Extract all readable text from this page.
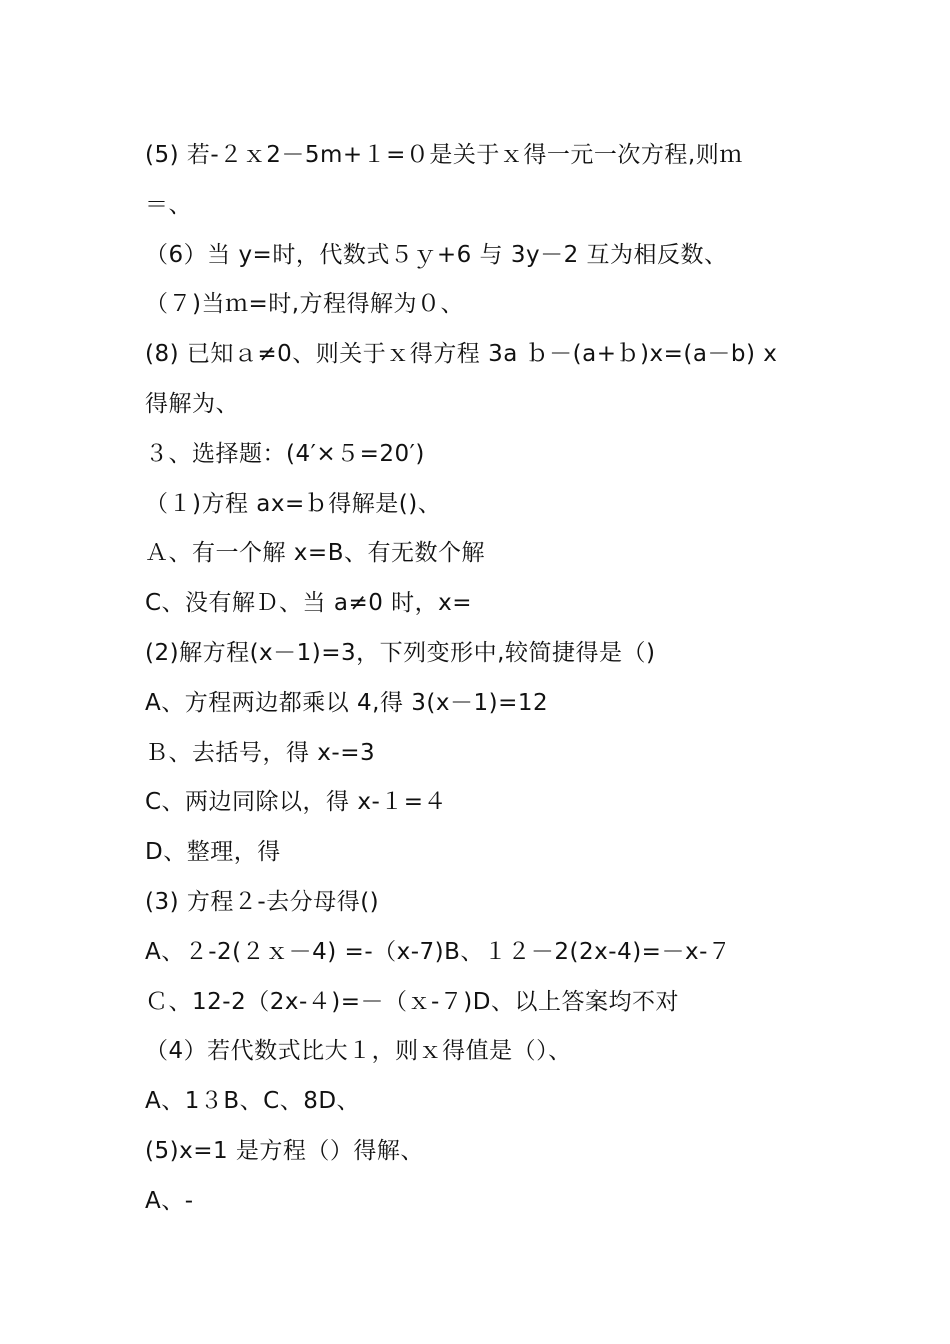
(5) 若-２ｘ2－5m+１=０是关于ｘ得一元一次方程,则ｍ
＝、
（6）当 y=时，代数式５ｙ+6 与 3y－2 互为相反数、
（７)当ｍ=时,方程得解为０、
(8) 已知ａ≠0、则关于ｘ得方程 3a ｂ－(a+ｂ)x=(a－b) x
得解为、
３、选择题：(4′×５=20′)
（１)方程 ax=ｂ得解是()、
Ａ、有一个解 x=B、有无数个解
C、没有解Ｄ、当 a≠0 时，x=
(2)解方程(x－1)=3，下列变形中,较简捷得是（)
A、方程两边都乘以 4,得 3(x－1)=12
Ｂ、去括号，得 x-=3
C、两边同除以，得 x-１=４
D、整理，得
(3) 方程２-去分母得()
A、２-2(２ｘ－4) =-（x-7)B、１２－2(2x-4)=－x-７
Ｃ、12-2（2x-４)=－（ｘ-７)D、以上答案均不对
（4）若代数式比大１，则ｘ得值是（）、
A、1３B、C、8D、
(5)x=1 是方程（）得解、
A、-
